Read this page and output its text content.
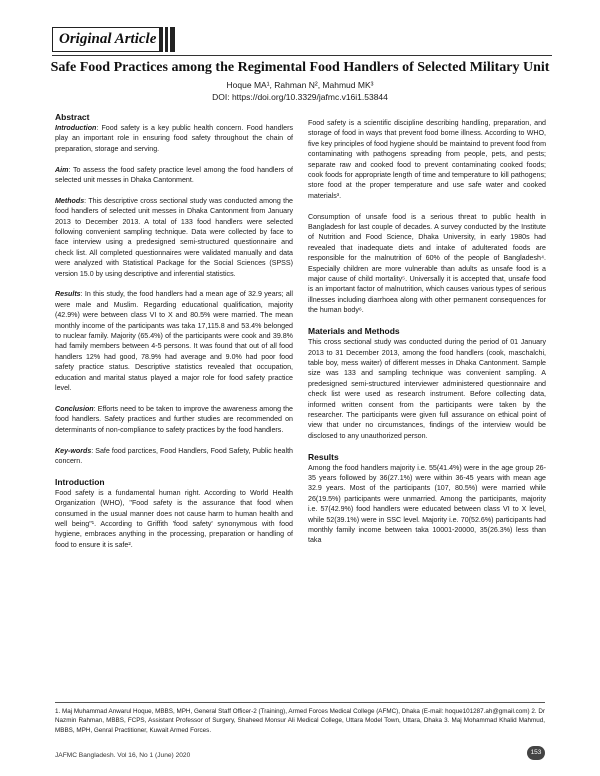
Original Article
Safe Food Practices among the Regimental Food Handlers of Selected Military Unit
Hoque MA¹, Rahman N², Mahmud MK³
DOI: https://doi.org/10.3329/jafmc.v16i1.53844
Abstract

Introduction: Food safety is a key public health concern. Food handlers play an important role in ensuring food safety throughout the chain of preparation, storage and serving.

Aim: To assess the food safety practice level among the food handlers of selected unit messes in Dhaka Cantonment.

Methods: This descriptive cross sectional study was conducted among the food handlers of selected unit messes in Dhaka Cantonment from January 2013 to December 2013. A total of 133 food handlers were selected following convenient sampling technique. Data were collected by face to face interview using a predesigned semi-structured questionnaire and check list. All completed questionnaires were validated manually and data were analyzed with Statistical Package for the Social Sciences (SPSS) version 15.0 by using descriptive and inferential statistics.

Results: In this study, the food handlers had a mean age of 32.9 years; all were male and Muslim. Regarding educational qualification, majority (42.9%) were between class VI to X and 80.5% were married. The mean monthly income of the participants was taka 17,115.8 and 53.4% belonged to nuclear family. Majority (65.4%) of the participants were cook and 39.8% had family members between 4-5 persons. It was found that out of all food handlers 12% had good, 78.9% had average and 9.0% had poor food safety practice status. Descriptive statistics revealed that occupation, education and marital status played a major role for food safety practice level.

Conclusion: Efforts need to be taken to improve the awareness among the food handlers. Safety practices and further studies are recommended on determinants of non-compliance to safety practices by the food handlers.

Key-words: Safe food parctices, Food Handlers, Food Safety, Public health concern.

Introduction

Food safety is a fundamental human right. According to World Health Organization (WHO), "Food safety is the assurance that food when consumed in the usual manner does not cause harm to human health and well being"¹. According to Griffith 'food safety' synonymous with food hygiene, embraces anything in the processing, preparation or handling of food to ensure it is safe².

Food safety is a scientific discipline describing handling, preparation, and storage of food in ways that prevent food borne illness. According to WHO, five key principles of food hygiene should be maintaind to prevent food from contaminating with pathogens spreading from people, pets, and pests; separate raw and cooked food to prevent contaminating cooked foods; cook foods for appropriate length of time and temperature to kill pathogens; store food at the proper temperature and use safe water and cooked materials³.

Consumption of unsafe food is a serious threat to public health in Bangladesh for last couple of decades. A survey conducted by the Institute of Nutrition and Food Science, Dhaka University, in early 1980s had revealed that inadequate diets and intake of adulterated foods are responsible for the malnutrition of 60% of the people of Bangladesh⁴. Especially children are more vulnerable than adults as unsafe food is a major cause of child mortality⁵. Universally it is accepted that, unsafe food is an important factor of malnutrition, which causes various types of serious illnesses including diarrhoea along with other permanent consequences for the human body⁶.

Materials and Methods

This cross sectional study was conducted during the period of 01 January 2013 to 31 December 2013, among the food handlers (cook, maschalchi, table boy, mess waiter) of different messes in Dhaka Cantonment. Sample size was 133 and sampling technique was convenient sampling. A predesigned semi-structured interviewer administered questionnaire and check list were used as research instrument. Before collecting data, informed written consent from the participants were taken by the researcher. The participants were given full assurance on ethical point of view that under no circumstances, findings of the interview would be disclosed to any unauthorized person.

Results

Among the food handlers majority i.e. 55(41.4%) were in the age group 26-35 years followed by 36(27.1%) were within 36-45 years with mean age 32.9 years. Most of the participants (107, 80.5%) were married while 26(19.5%) participants were unmarried. Among the participants, majority i.e. 57(42.9%) food handlers were educated between class VI to X level, while 52(39.1%) were in SSC level. Majority i.e. 70(52.6%) participants had monthly family income between taka 10001-20000, 35(26.3%) less than taka

1. Maj Muhammad Anwarul Hoque, MBBS, MPH, General Staff Officer-2 (Training), Armed Forces Medical College (AFMC), Dhaka (E-mail: hoque101287.ah@gmail.com) 2. Dr Nazmin Rahman, MBBS, FCPS, Assistant Professor of Surgery, Shaheed Monsur Ali Medical College, Uttara Model Town, Uttara, Dhaka 3. Maj Mohammad Khalid Mahmud, MBBS, MPH, Genral Practitioner, Kuwait Armed Forces.

JAFMC Bangladesh. Vol 16, No 1 (June) 2020	153
